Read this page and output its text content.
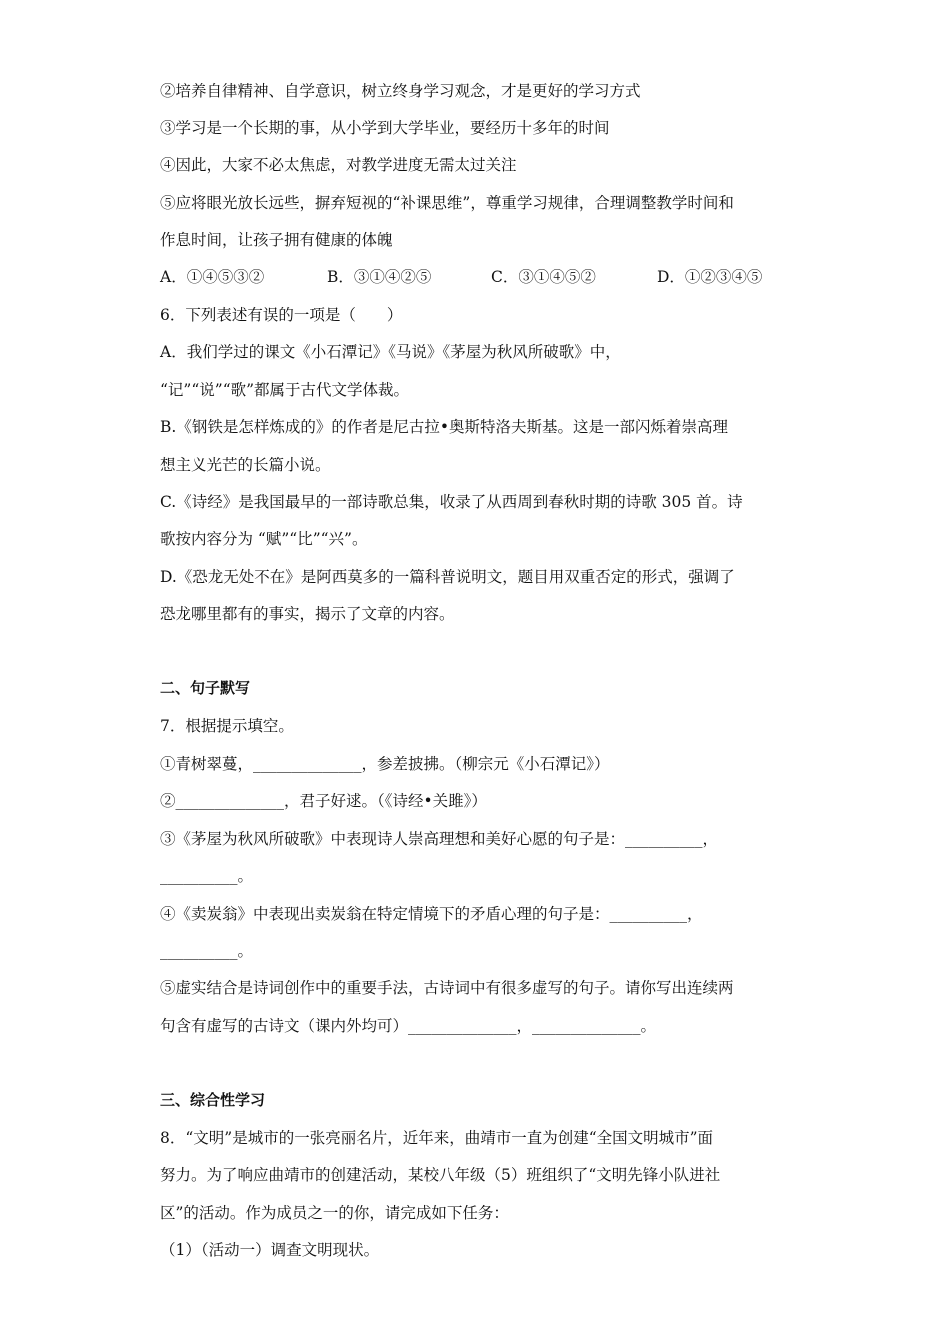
②培养自律精神、自学意识，树立终身学习观念，才是更好的学习方式
③学习是一个长期的事，从小学到大学毕业，要经历十多年的时间
④因此，大家不必太焦虑，对教学进度无需太过关注
⑤应将眼光放长远些，摒弃短视的“补课思维”，尊重学习规律，合理调整教学时间和
作息时间，让孩子拥有健康的体魄
A．①④⑤③②	B．③①④②⑤	C．③①④⑤②	D．①②③④⑤
6．下列表述有误的一项是（　　）
A．我们学过的课文《小石潭记》《马说》《茅屋为秋风所破歌》中，
“记”“说”“歌”都属于古代文学体裁。
B.《钢铁是怎样炼成的》的作者是尼古拉•奥斯特洛夫斯基。这是一部闪烁着崇高理
想主义光芒的长篇小说。
C.《诗经》是我国最早的一部诗歌总集，收录了从西周到春秋时期的诗歌 305 首。诗
歌按内容分为 “赋”“比”“兴”。
D.《恐龙无处不在》是阿西莫多的一篇科普说明文，题目用双重否定的形式，强调了
恐龙哪里都有的事实，揭示了文章的内容。
二、句子默写
7．根据提示填空。
①青树翠蔓，______________，参差披拂。（柳宗元《小石潭记》）
②______________，君子好逑。（《诗经•关雎》）
③《茅屋为秋风所破歌》中表现诗人崇高理想和美好心愿的句子是：__________，
__________。
④《卖炭翁》中表现出卖炭翁在特定情境下的矛盾心理的句子是：__________，
__________。
⑤虚实结合是诗词创作中的重要手法，古诗词中有很多虚写的句子。请你写出连续两
句含有虚写的古诗文（课内外均可）______________，______________。
三、综合性学习
8．“文明”是城市的一张亮丽名片，近年来，曲靖市一直为创建“全国文明城市”面
努力。为了响应曲靖市的创建活动，某校八年级（5）班组织了“文明先锋小队进社
区”的活动。作为成员之一的你，请完成如下任务：
（1）（活动一）调查文明现状。
